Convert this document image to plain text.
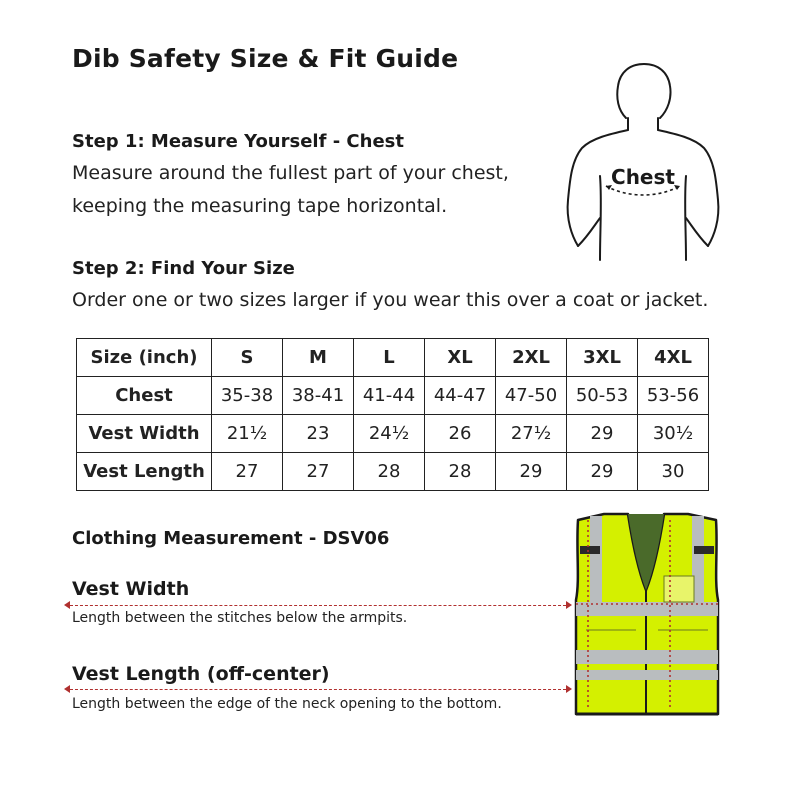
Dib Safety Size & Fit Guide
Step 1: Measure Yourself - Chest
Measure around the fullest part of your chest,
keeping the measuring tape horizontal.
Chest
Step 2: Find Your Size
Order one or two sizes larger if you wear this over a coat or jacket.
Size (inch)	S	M	L	XL	2XL	3XL	4XL
Chest	35-38	38-41	41-44	44-47	47-50	50-53	53-56
Vest Width	21½	23	24½	26	27½	29	30½
Vest Length	27	27	28	28	29	29	30
Clothing Measurement - DSV06
Vest Width
Length between the stitches below the armpits.
Vest Length (off-center)
Length between the edge of the neck opening to the bottom.
